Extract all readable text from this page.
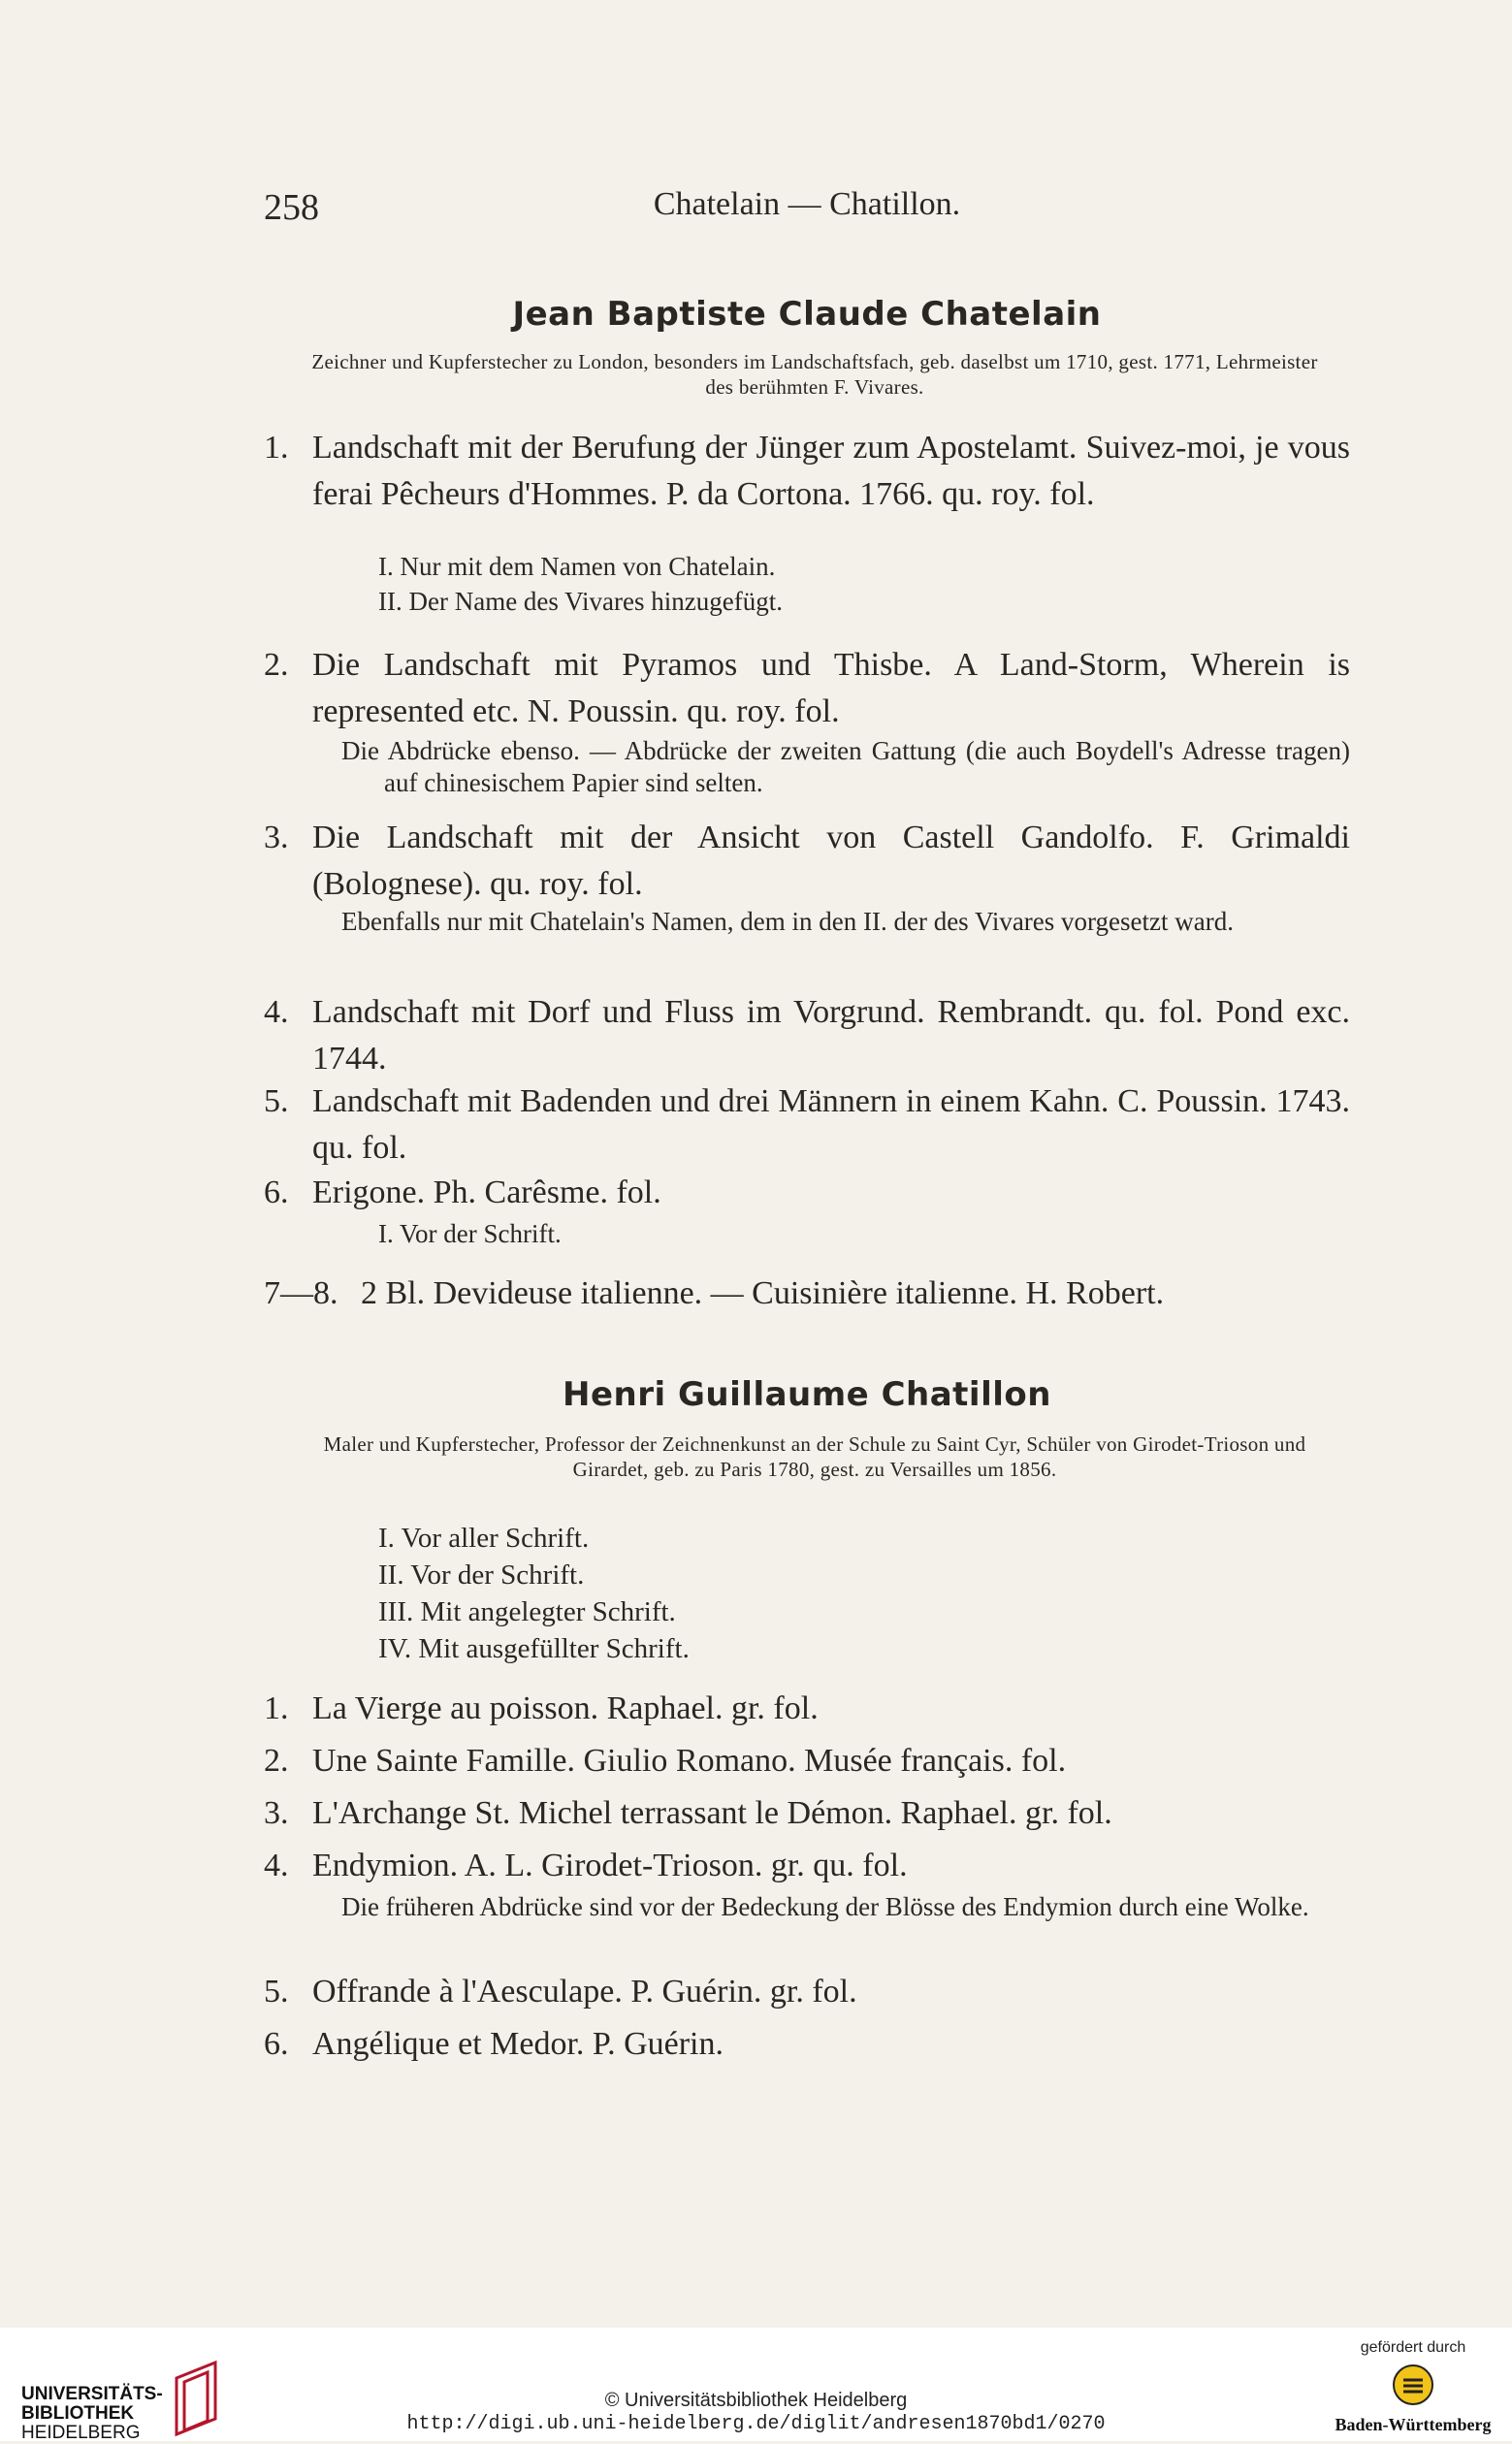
258	Chatelain — Chatillon.
Jean Baptiste Claude Chatelain
Zeichner und Kupferstecher zu London, besonders im Landschaftsfach, geb. daselbst um 1710, gest. 1771, Lehrmeister des berühmten F. Vivares.
1. Landschaft mit der Berufung der Jünger zum Apostelamt. Suivez-moi, je vous ferai Pêcheurs d'Hommes. P. da Cortona. 1766. qu. roy. fol.
I. Nur mit dem Namen von Chatelain.
II. Der Name des Vivares hinzugefügt.
2. Die Landschaft mit Pyramos und Thisbe. A Land-Storm, Wherein is represented etc. N. Poussin. qu. roy. fol.
Die Abdrücke ebenso. — Abdrücke der zweiten Gattung (die auch Boydell's Adresse tragen) auf chinesischem Papier sind selten.
3. Die Landschaft mit der Ansicht von Castell Gandolfo. F. Grimaldi (Bolognese). qu. roy. fol.
Ebenfalls nur mit Chatelain's Namen, dem in den II. der des Vivares vorgesetzt ward.
4. Landschaft mit Dorf und Fluss im Vorgrund. Rembrandt. qu. fol. Pond exc. 1744.
5. Landschaft mit Badenden und drei Männern in einem Kahn. C. Poussin. 1743. qu. fol.
6. Erigone. Ph. Carêsme. fol.
I. Vor der Schrift.
7—8. 2 Bl. Devideuse italienne. — Cuisinière italienne. H. Robert.
Henri Guillaume Chatillon
Maler und Kupferstecher, Professor der Zeichnenkunst an der Schule zu Saint Cyr, Schüler von Girodet-Trioson und Girardet, geb. zu Paris 1780, gest. zu Versailles um 1856.
I. Vor aller Schrift.
II. Vor der Schrift.
III. Mit angelegter Schrift.
IV. Mit ausgefüllter Schrift.
1. La Vierge au poisson. Raphael. gr. fol.
2. Une Sainte Famille. Giulio Romano. Musée français. fol.
3. L'Archange St. Michel terrassant le Démon. Raphael. gr. fol.
4. Endymion. A. L. Girodet-Trioson. gr. qu. fol.
Die früheren Abdrücke sind vor der Bedeckung der Blösse des Endymion durch eine Wolke.
5. Offrande à l'Aesculape. P. Guérin. gr. fol.
6. Angélique et Medor. P. Guérin.
UNIVERSITÄTS-
BIBLIOTHEK
HEIDELBERG
© Universitätsbibliothek Heidelberg
http://digi.ub.uni-heidelberg.de/diglit/andresen1870bd1/0270
gefördert durch
Baden-Württemberg
